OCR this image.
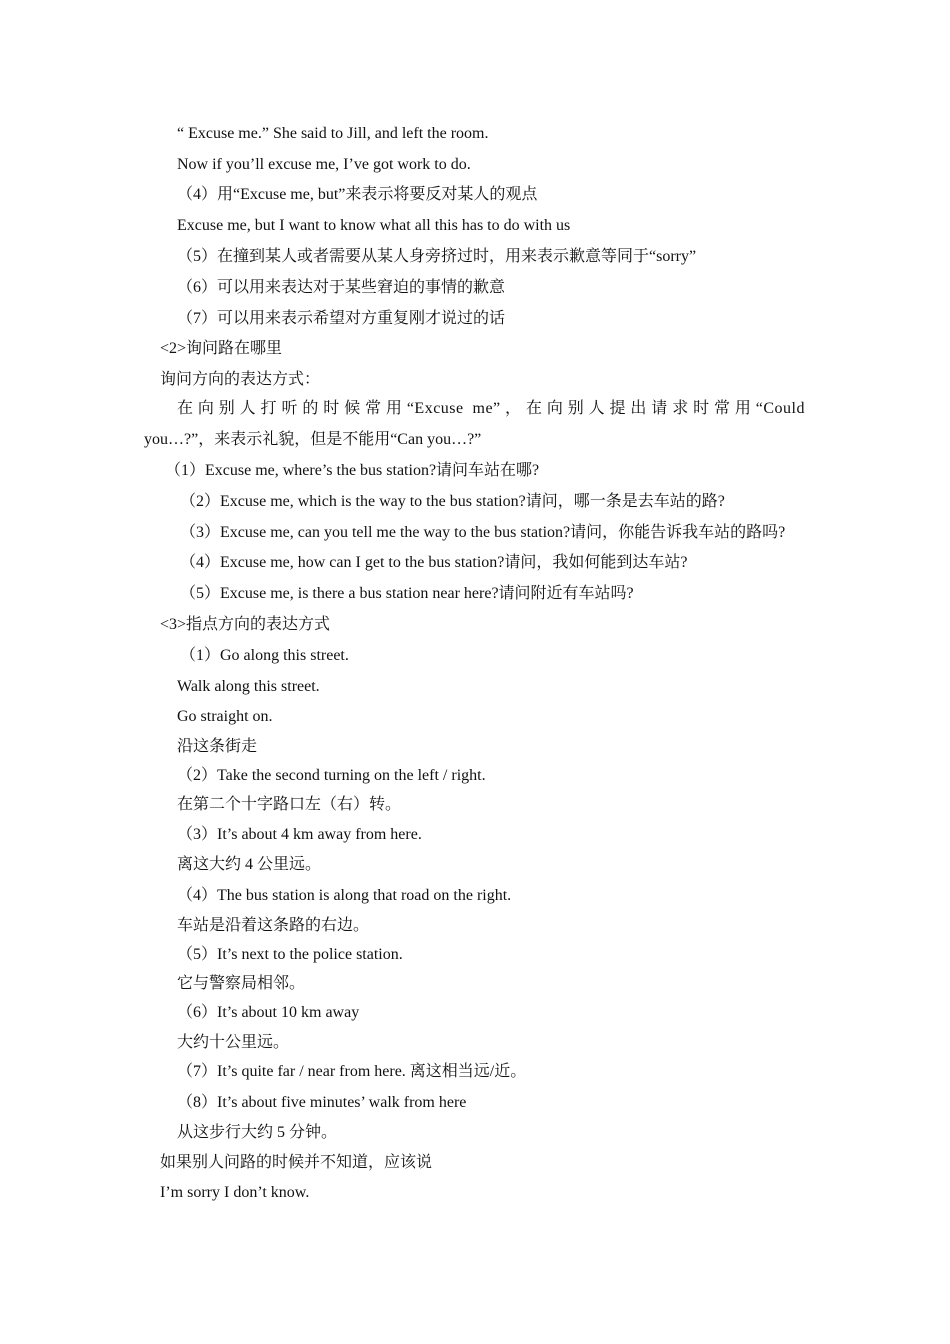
“ Excuse me.” She said to Jill, and left the room.
Now if you’ll excuse me, I’ve got work to do.
（4）用“Excuse me, but”来表示将要反对某人的观点
Excuse me, but I want to know what all this has to do with us
（5）在撞到某人或者需要从某人身旁挤过时，用来表示歉意等同于“sorry”
（6）可以用来表达对于某些窘迫的事情的歉意
（7）可以用来表示希望对方重复刚才说过的话
<2>询问路在哪里
询问方向的表达方式：
在向别人打听的时候常用“Excuse me”，在向别人提出请求时常用“Could
you…?”，来表示礼貌，但是不能用“Can you…?”
（1）Excuse me, where’s the bus station?请问车站在哪?
（2）Excuse me, which is the way to the bus station?请问，哪一条是去车站的路?
（3）Excuse me, can you tell me the way to the bus station?请问，你能告诉我车站的路吗?
（4）Excuse me, how can I get to the bus station?请问，我如何能到达车站?
（5）Excuse me, is there a bus station near here?请问附近有车站吗?
<3>指点方向的表达方式
（1）Go along this street.
Walk along this street.
Go straight on.
沿这条街走
（2）Take the second turning on the left / right.
在第二个十字路口左（右）转。
（3）It’s about 4 km away from here.
离这大约 4 公里远。
（4）The bus station is along that road on the right.
车站是沿着这条路的右边。
（5）It’s next to the police station.
它与警察局相邻。
（6）It’s about 10 km away
大约十公里远。
（7）It’s quite far / near from here. 离这相当远/近。
（8）It’s about five minutes’ walk from here
从这步行大约 5 分钟。
如果别人问路的时候并不知道，应该说
I’m sorry I don’t know.
